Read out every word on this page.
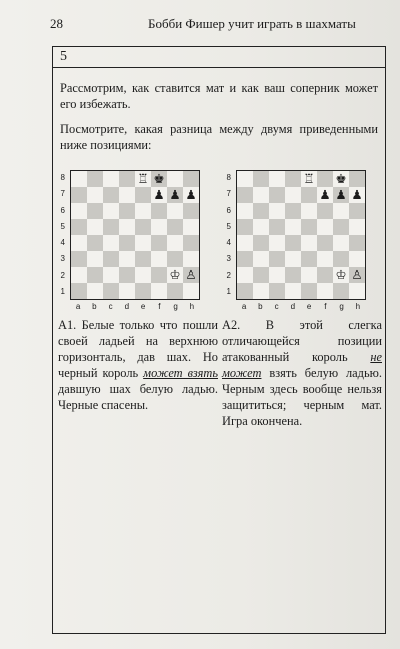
28	Бобби Фишер учит играть в шахматы
5
Рассмотрим, как ставится мат и как ваш соперник может его избежать.
Посмотрите, какая разница между двумя приведенными ниже позициями:
8
7
6
5
4
3
2
1
♖ ♚
♟ ♟ ♟
♔ ♙
a	b	c	d	e	f	g	h
8
7
6
5
4
3
2
1
♖ ♚
♟ ♟ ♟
♔ ♙
a	b	c	d	e	f	g	h
А1. Белые только что пошли своей ладьей на верхнюю горизонталь, дав шах. Но черный король может взять давшую шах белую ладью. Черные спасены.
А2. В этой слегка отличающейся позиции атакованный король не может взять белую ладью. Черным здесь вообще нельзя защититься; черным мат. Игра окончена.
